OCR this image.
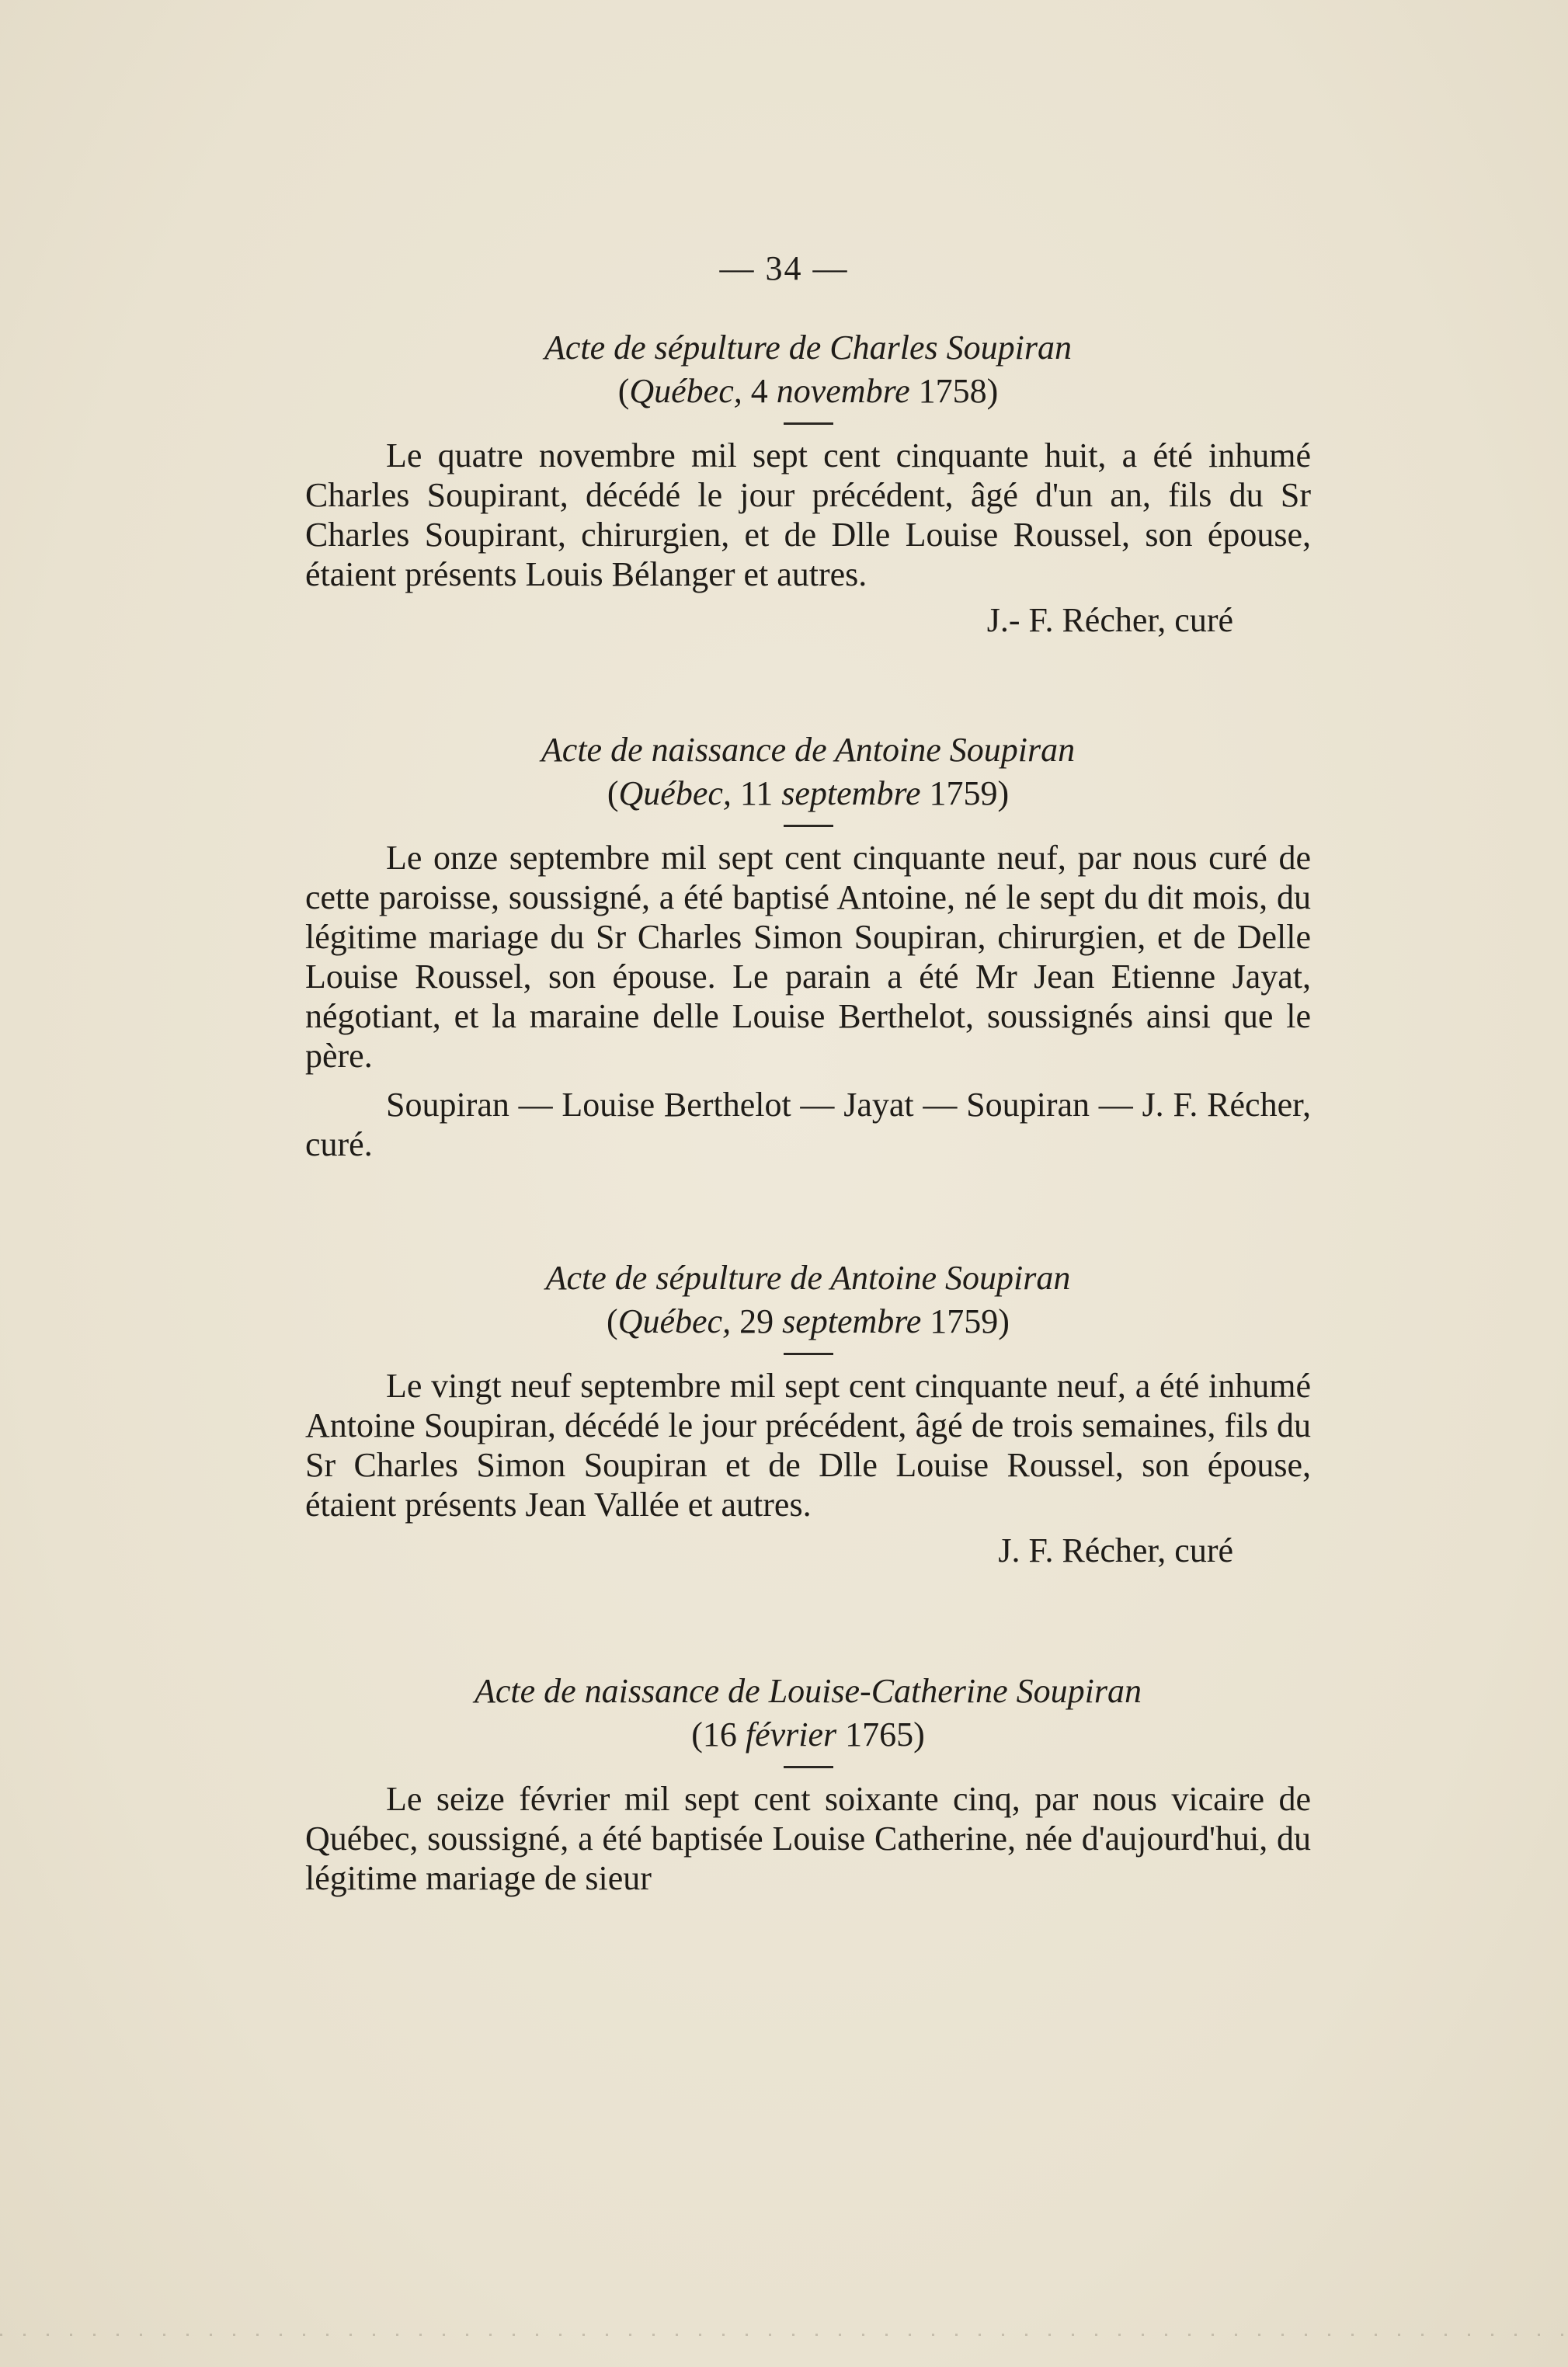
— 34 —
Acte de sépulture de Charles Soupiran
(Québec, 4 novembre 1758)

Le quatre novembre mil sept cent cinquante huit, a été inhumé Charles Soupirant, décédé le jour précédent, âgé d'un an, fils du Sr Charles Soupirant, chirurgien, et de Dlle Louise Roussel, son épouse, étaient présents Louis Bélanger et autres.

J.- F. Récher, curé
Acte de naissance de Antoine Soupiran
(Québec, 11 septembre 1759)

Le onze septembre mil sept cent cinquante neuf, par nous curé de cette paroisse, soussigné, a été baptisé Antoine, né le sept du dit mois, du légitime mariage du Sr Charles Simon Soupiran, chirurgien, et de Delle Louise Roussel, son épouse. Le parain a été Mr Jean Etienne Jayat, négotiant, et la maraine delle Louise Berthelot, soussignés ainsi que le père.

Soupiran — Louise Berthelot — Jayat — Soupiran — J. F. Récher, curé.
Acte de sépulture de Antoine Soupiran
(Québec, 29 septembre 1759)

Le vingt neuf septembre mil sept cent cinquante neuf, a été inhumé Antoine Soupiran, décédé le jour précédent, âgé de trois semaines, fils du Sr Charles Simon Soupiran et de Dlle Louise Roussel, son épouse, étaient présents Jean Vallée et autres.

J. F. Récher, curé
Acte de naissance de Louise-Catherine Soupiran
(16 février 1765)

Le seize février mil sept cent soixante cinq, par nous vicaire de Québec, soussigné, a été baptisée Louise Catherine, née d'aujourd'hui, du légitime mariage de sieur
